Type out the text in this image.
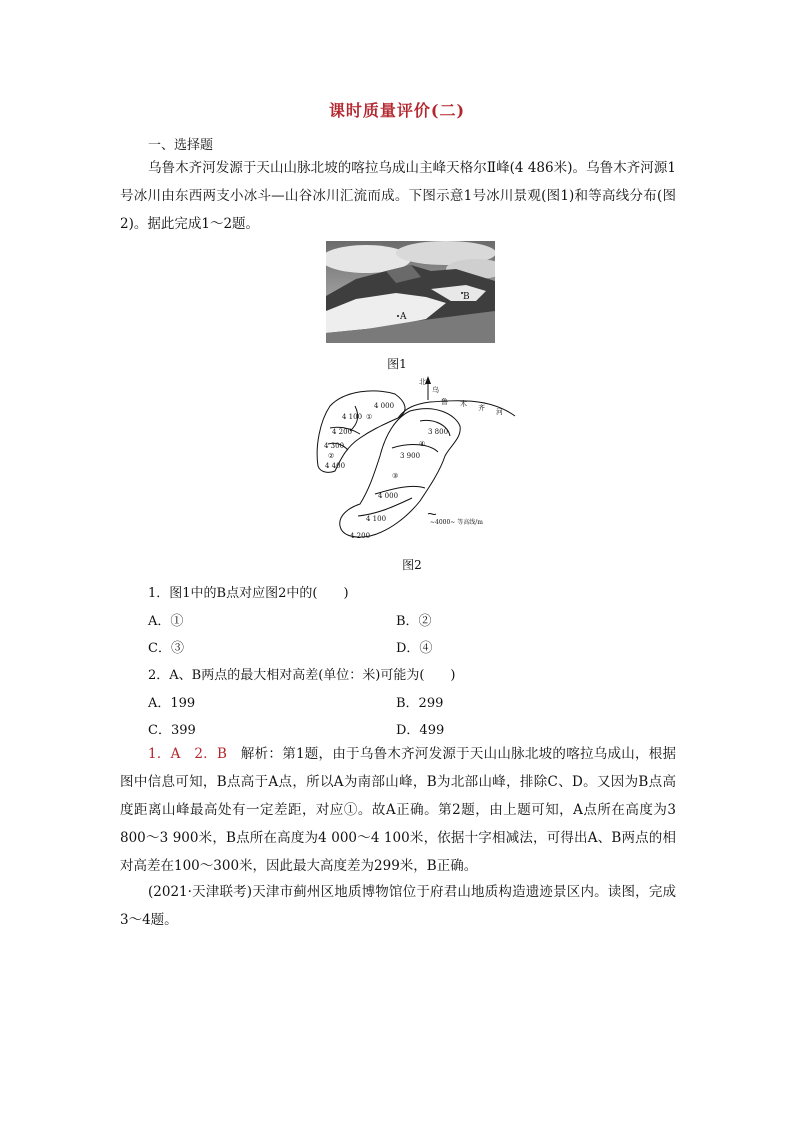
课时质量评价(二)
一、选择题

乌鲁木齐河发源于天山山脉北坡的喀拉乌成山主峰天格尔Ⅱ峰(4 486米)。乌鲁木齐河源1号冰川由东西两支小冰斗—山谷冰川汇流而成。下图示意1号冰川景观(图1)和等高线分布(图2)。据此完成1～2题。

B
A
图1
北
乌
鲁 木 齐 河
4 000
4 100
4 200
4 300
4 400
3 800
3 900
4 000
4 100
4 200
①
②
③
④
~4000~ 等高线/m
图2
1．图1中的B点对应图2中的(　　)
A．①	B．②
C．③	D．④
2．A、B两点的最大相对高差(单位：米)可能为(　　)
A．199	B．299
C．399	D．499

1．A　2．B　 解析：第1题，由于乌鲁木齐河发源于天山山脉北坡的喀拉乌成山，根据图中信息可知，B点高于A点，所以A为南部山峰，B为北部山峰，排除C、D。又因为B点高度距离山峰最高处有一定差距，对应①。故A正确。第2题，由上题可知，A点所在高度为3 800～3 900米，B点所在高度为4 000～4 100米，依据十字相减法，可得出A、B两点的相对高差在100～300米，因此最大高度差为299米，B正确。

(2021·天津联考)天津市蓟州区地质博物馆位于府君山地质构造遗迹景区内。读图，完成3～4题。
